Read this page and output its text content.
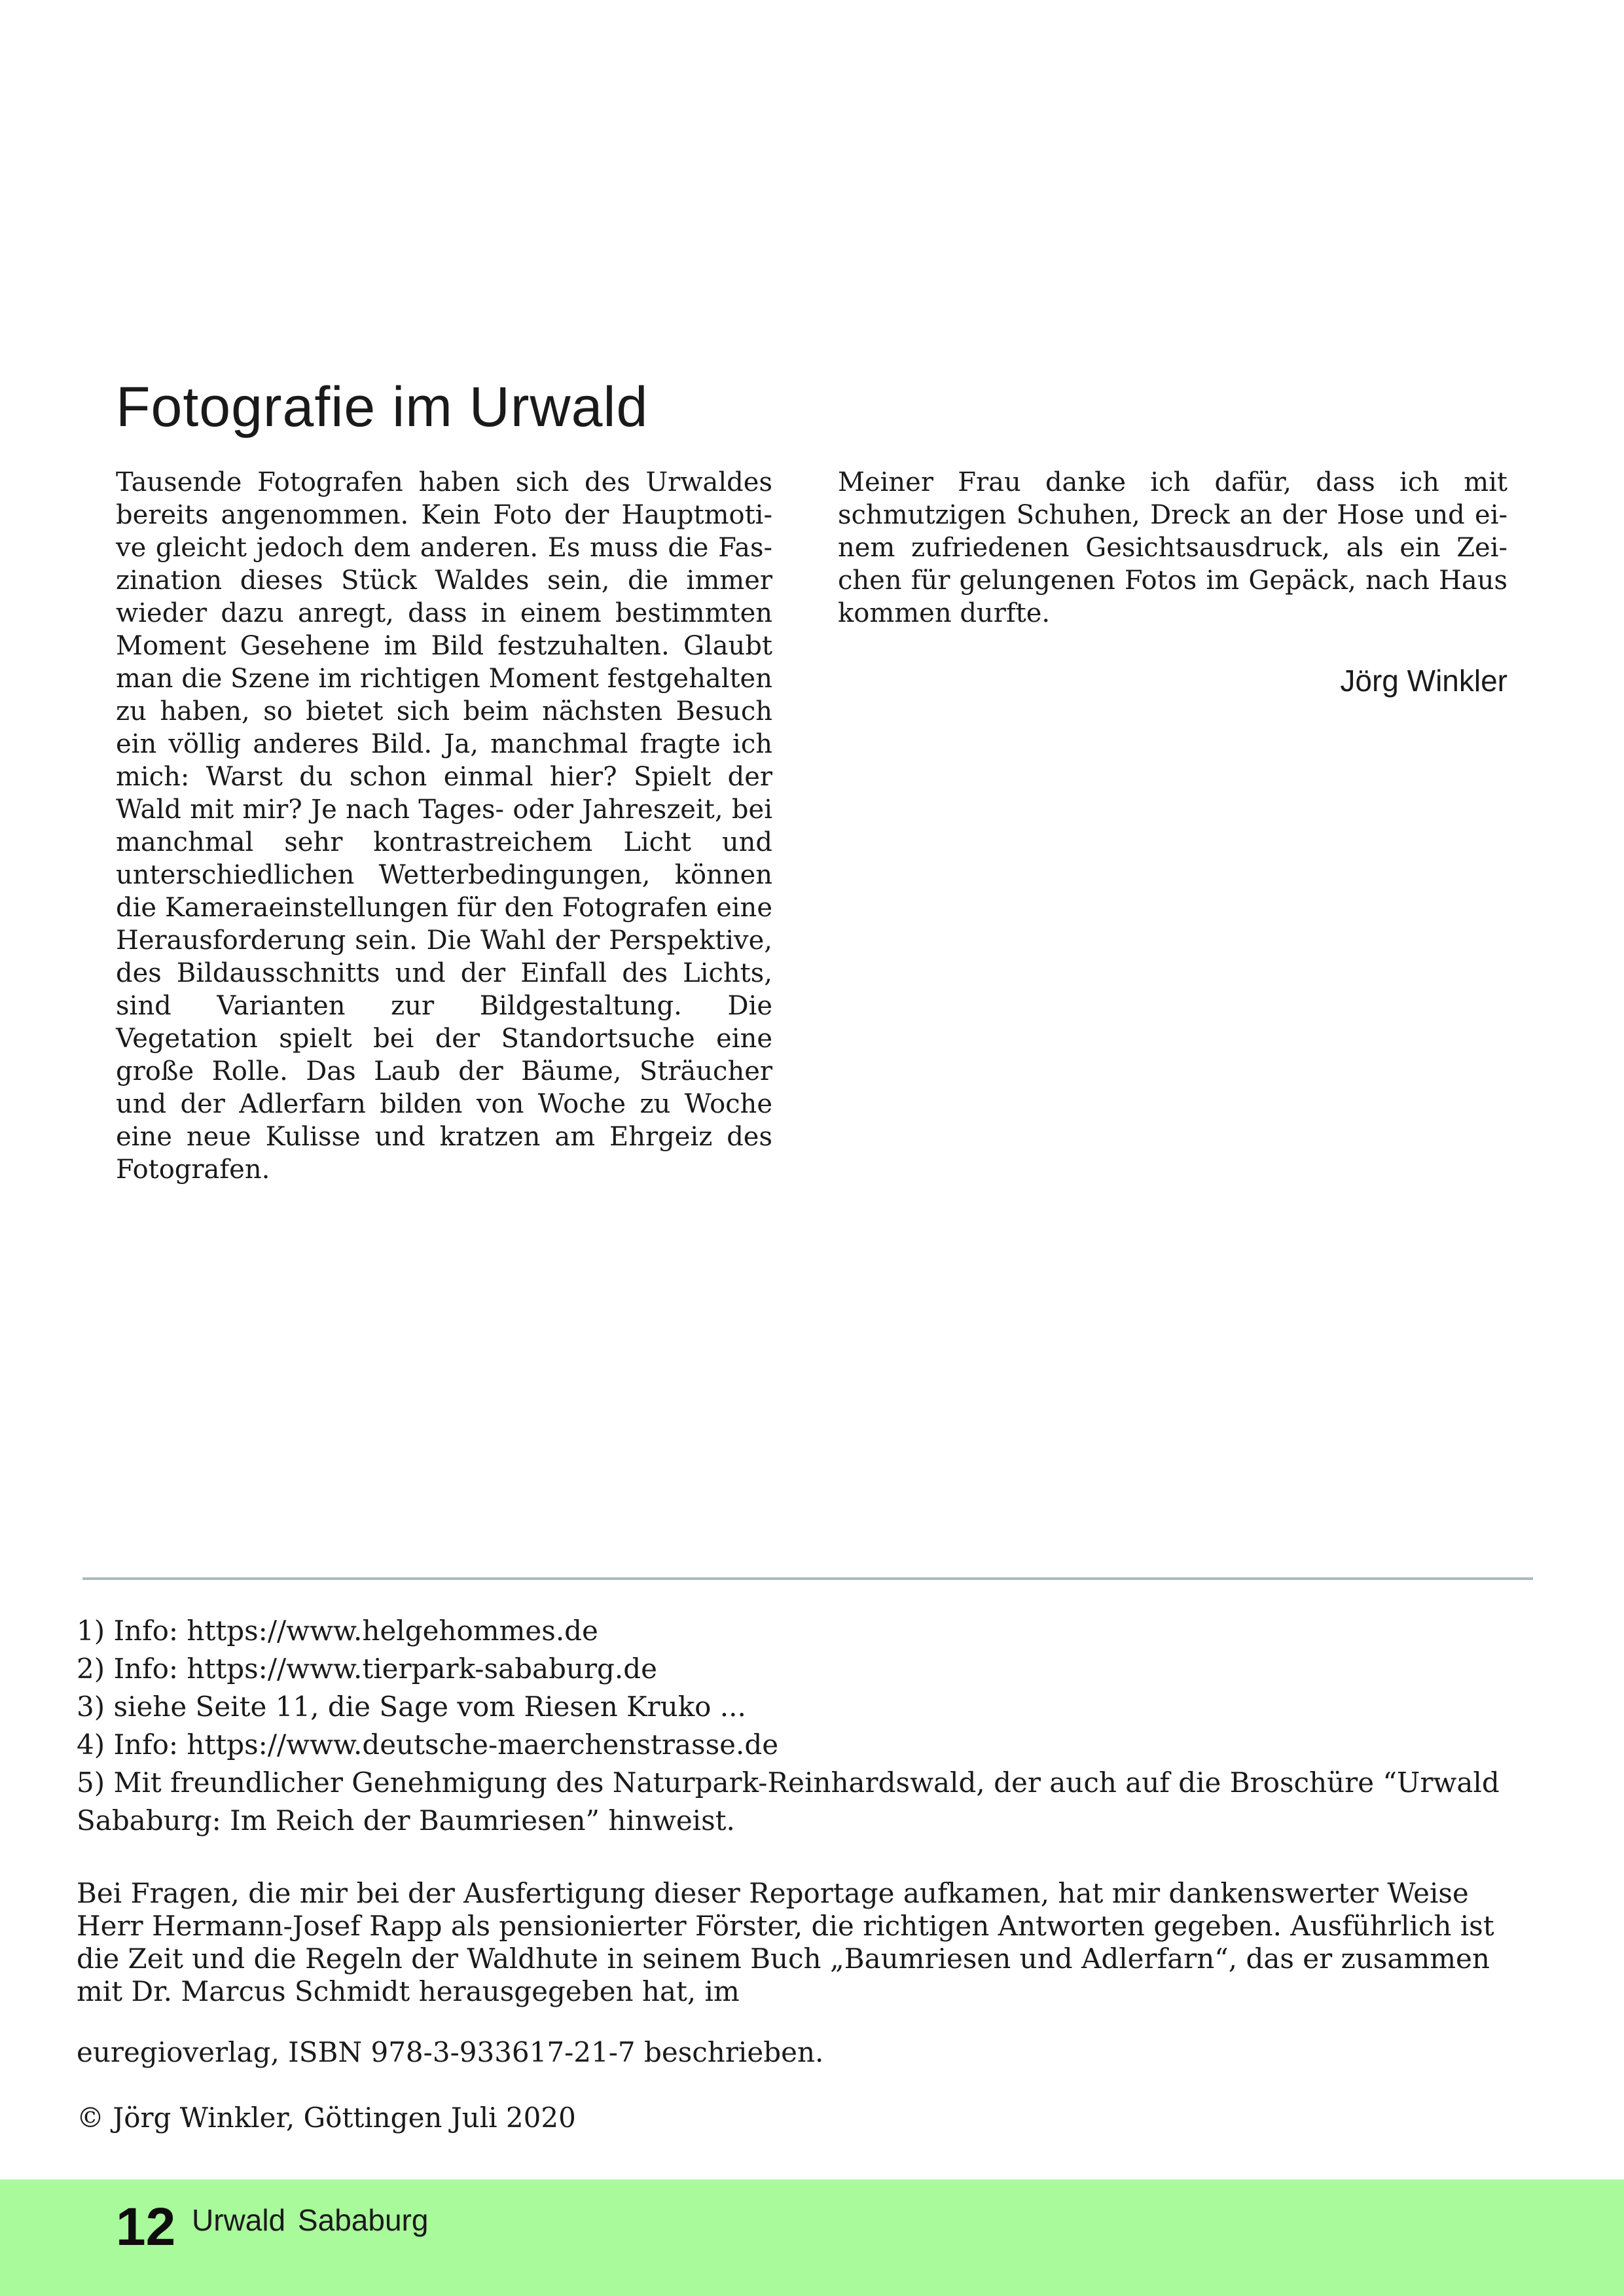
Fotografie im Urwald

Tausende Fotografen haben sich des Urwaldes bereits angenommen. Kein Foto der Hauptmotive gleicht jedoch dem anderen. Es muss die Faszination dieses Stück Waldes sein, die immer wieder dazu anregt, dass in einem bestimmten Moment Gesehene im Bild festzuhalten. Glaubt man die Szene im richtigen Moment festgehalten zu haben, so bietet sich beim nächsten Besuch ein völlig anderes Bild. Ja, manchmal fragte ich mich: Warst du schon einmal hier? Spielt der Wald mit mir? Je nach Tages- oder Jahreszeit, bei manchmal sehr kontrastreichem Licht und unterschiedlichen Wetterbedingungen, können die Kameraeinstellungen für den Fotografen eine Herausforderung sein. Die Wahl der Perspektive, des Bildausschnitts und der Einfall des Lichts, sind Varianten zur Bildgestaltung. Die Vegetation spielt bei der Standortsuche eine große Rolle. Das Laub der Bäume, Sträucher und der Adlerfarn bilden von Woche zu Woche eine neue Kulisse und kratzen am Ehrgeiz des Fotografen.

Meiner Frau danke ich dafür, dass ich mit schmutzigen Schuhen, Dreck an der Hose und einem zufriedenen Gesichtsausdruck, als ein Zeichen für gelungenen Fotos im Gepäck, nach Haus kommen durfte.

Jörg Winkler

1) Info: https://www.helgehommes.de

2) Info: https://www.tierpark-sababurg.de

3) siehe Seite 11, die Sage vom Riesen Kruko ...

4) Info: https://www.deutsche-maerchenstrasse.de

5) Mit freundlicher Genehmigung des Naturpark-Reinhardswald, der auch auf die Broschüre “Urwald Sababurg: Im Reich der Baumriesen” hinweist.

Bei Fragen, die mir bei der Ausfertigung dieser Reportage aufkamen, hat mir dankenswerter Weise Herr Hermann-Josef Rapp als pensionierter Förster, die richtigen Antworten gegeben. Ausführlich ist die Zeit und die Regeln der Waldhute in seinem Buch „Baumriesen und Adlerfarn“, das er zusammen mit Dr. Marcus Schmidt herausgegeben hat, im

euregioverlag, ISBN 978-3-933617-21-7 beschrieben.

© Jörg Winkler, Göttingen Juli 2020

12 Urwald Sababurg
